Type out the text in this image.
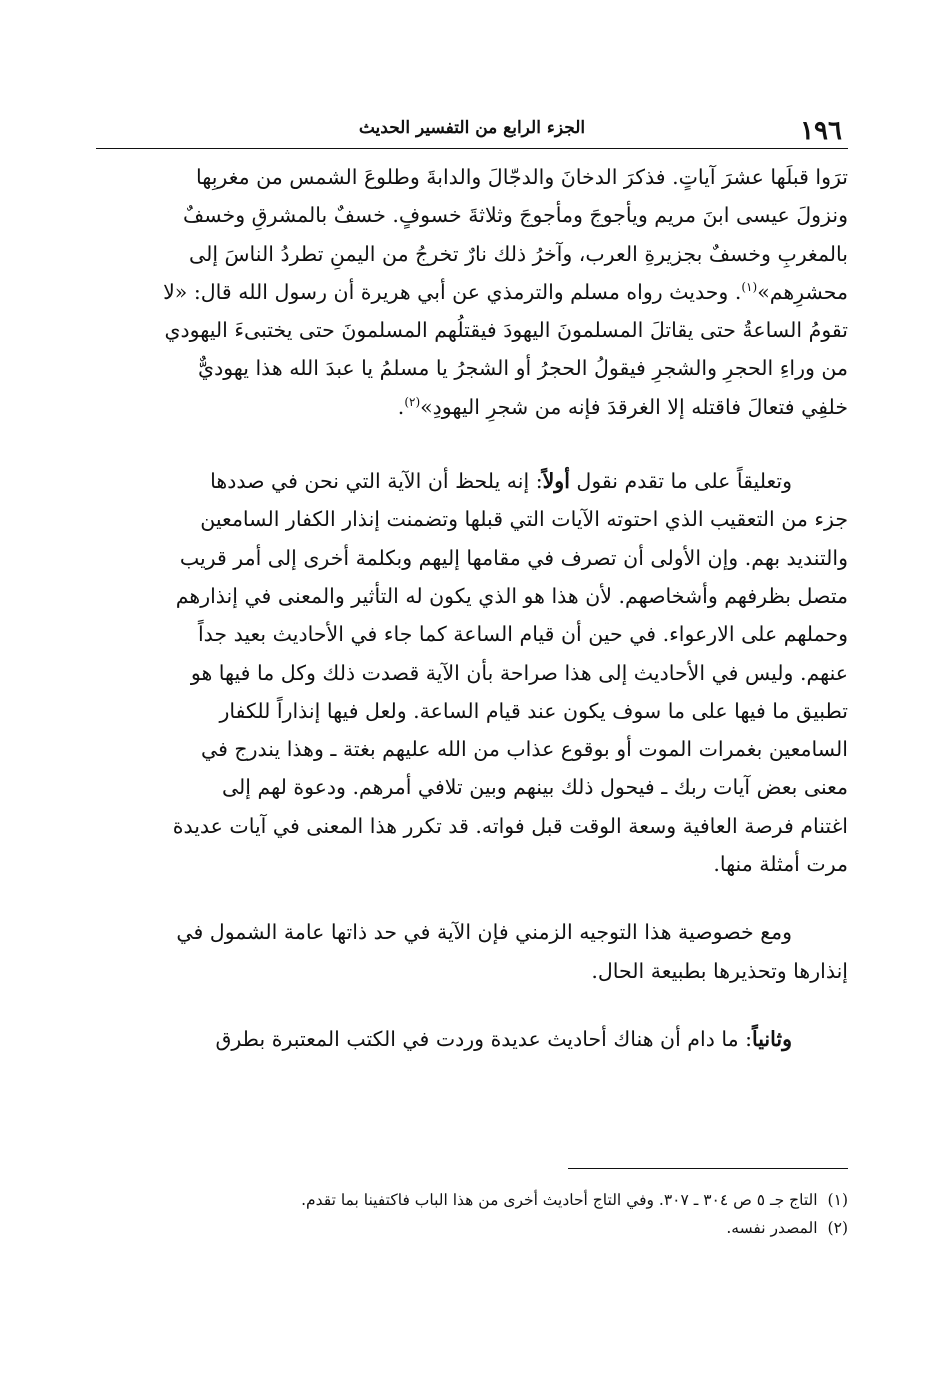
١٩٦
الجزء الرابع من التفسير الحديث
ترَوا قبلَها عشرَ آياتٍ. فذكرَ الدخانَ والدجّالَ والدابةَ وطلوعَ الشمس من مغربِها
ونزولَ عيسى ابنَ مريم ويأجوجَ ومأجوجَ وثلاثةَ خسوفٍ. خسفٌ بالمشرقِ وخسفٌ
بالمغربِ وخسفٌ بجزيرةِ العرب، وآخرُ ذلك نارٌ تخرجُ من اليمنِ تطردُ الناسَ إلى
محشرِهم»$^{(١)}$. وحديث رواه مسلم والترمذي عن أبي هريرة أن رسول الله قال: «لا
تقومُ الساعةُ حتى يقاتلَ المسلمونَ اليهودَ فيقتلُهم المسلمونَ حتى يختبىءَ اليهودي
من وراءِ الحجرِ والشجرِ فيقولُ الحجرُ أو الشجرُ يا مسلمُ يا عبدَ الله هذا يهوديٌّ
خلفِي فتعالَ فاقتله إلا الغرقدَ فإنه من شجرِ اليهودِ»$^{(٢)}$.
وتعليقاً على ما تقدم نقول أولاً: إنه يلحظ أن الآية التي نحن في صددها
جزء من التعقيب الذي احتوته الآيات التي قبلها وتضمنت إنذار الكفار السامعين
والتنديد بهم. وإن الأولى أن تصرف في مقامها إليهم وبكلمة أخرى إلى أمر قريب
متصل بظرفهم وأشخاصهم. لأن هذا هو الذي يكون له التأثير والمعنى في إنذارهم
وحملهم على الارعواء. في حين أن قيام الساعة كما جاء في الأحاديث بعيد جداً
عنهم. وليس في الأحاديث إلى هذا صراحة بأن الآية قصدت ذلك وكل ما فيها هو
تطبيق ما فيها على ما سوف يكون عند قيام الساعة. ولعل فيها إنذاراً للكفار
السامعين بغمرات الموت أو بوقوع عذاب من الله عليهم بغتة ـ وهذا يندرج في
معنى بعض آيات ربك ـ فيحول ذلك بينهم وبين تلافي أمرهم. ودعوة لهم إلى
اغتنام فرصة العافية وسعة الوقت قبل فواته. قد تكرر هذا المعنى في آيات عديدة
مرت أمثلة منها.
ومع خصوصية هذا التوجيه الزمني فإن الآية في حد ذاتها عامة الشمول في
إنذارها وتحذيرها بطبيعة الحال.
وثانياً: ما دام أن هناك أحاديث عديدة وردت في الكتب المعتبرة بطرق
(١)التاج جـ ٥ ص ٣٠٤ ـ ٣٠٧. وفي التاج أحاديث أخرى من هذا الباب فاكتفينا بما تقدم.
(٢)المصدر نفسه.
